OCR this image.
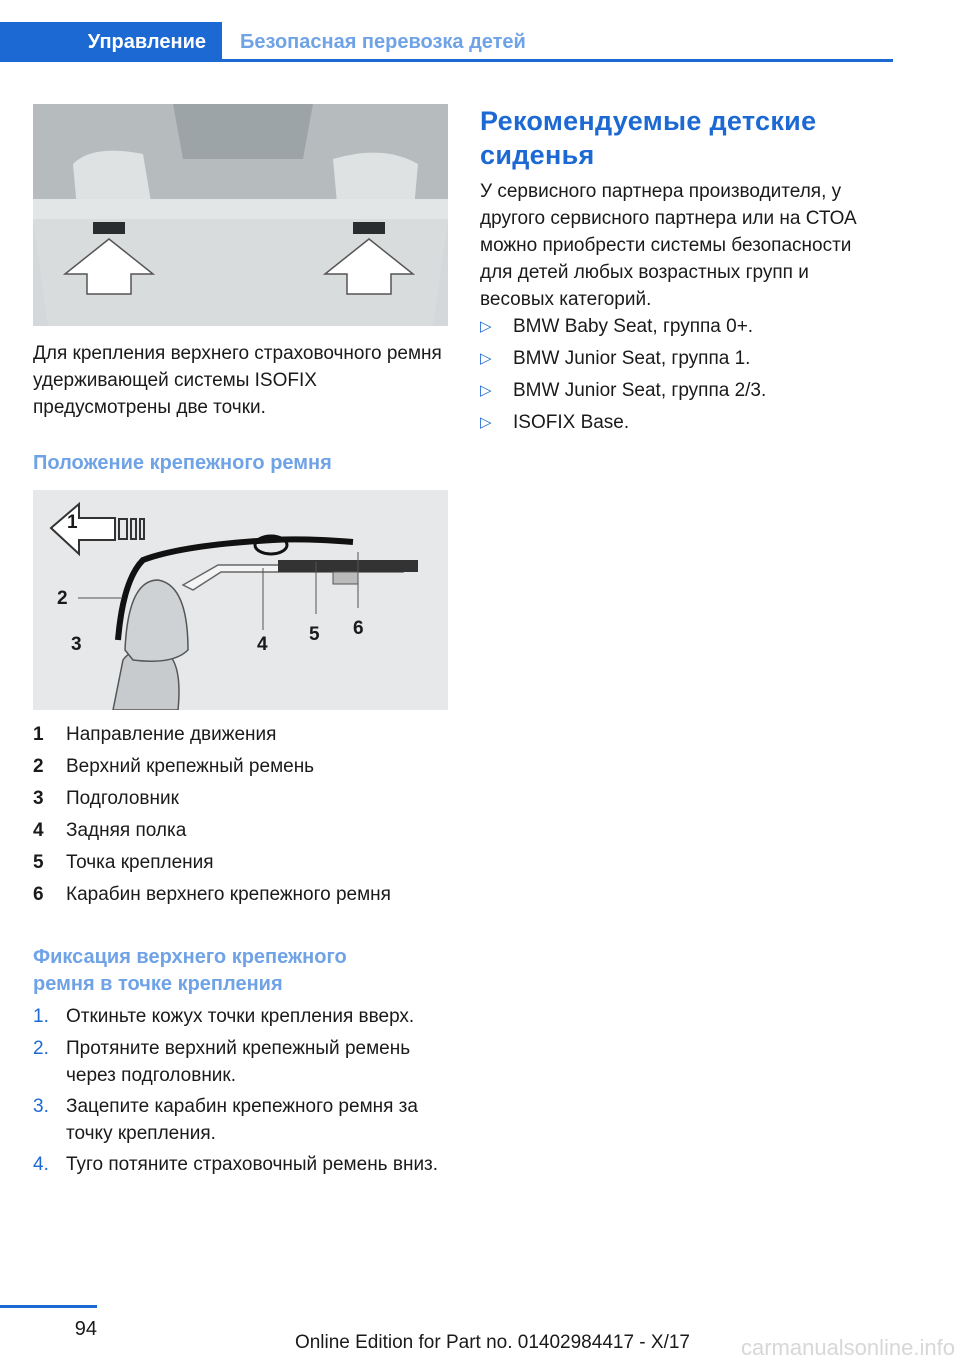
Управление	Безопасная перевозка детей

Для крепления верхнего страховочного ремня удерживающей системы ISOFIX предусмотрены две точки.

Положение крепежного ремня

1
2
3	4 5 6
1 Направление движения
2 Верхний крепежный ремень
3 Подголовник
4 Задняя полка
5 Точка крепления
6 Карабин верхнего крепежного ремня

Фиксация верхнего крепежного ремня в точке крепления

1. Откиньте кожух точки крепления вверх.
2. Протяните верхний крепежный ремень через подголовник.
3. Зацепите карабин крепежного ремня за точку крепления.
4. Туго потяните страховочный ремень вниз.

Рекомендуемые детские сиденья

У сервисного партнера производителя, у другого сервисного партнера или на СТОА можно приобрести системы безопасности для детей любых возрастных групп и весовых категорий.

▷ BMW Baby Seat, группа 0+.
▷ BMW Junior Seat, группа 1.
▷ BMW Junior Seat, группа 2/3.
▷ ISOFIX Base.
94
Online Edition for Part no. 01402984417 - X/17 carmanualsonline.info
